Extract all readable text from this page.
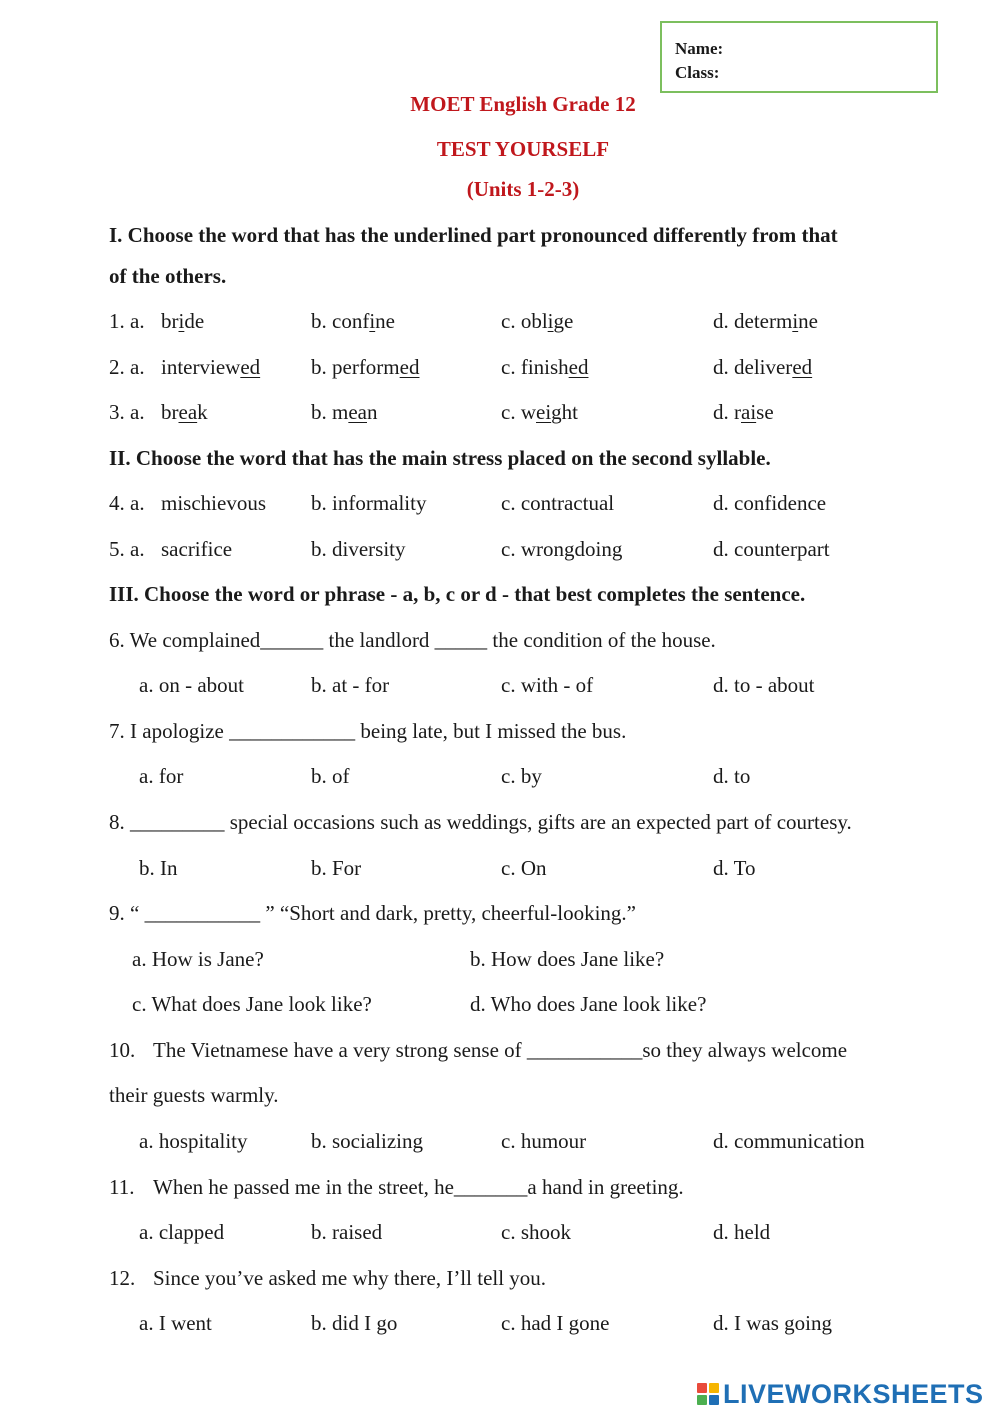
Name:
Class:
MOET English Grade 12
TEST YOURSELF
(Units 1-2-3)
I. Choose the word that has the underlined part pronounced differently from that
of the others.
1. a. bride	b. confine	c. oblige	d. determine
2. a. interviewed b. performed	c. finished	d. delivered
3. a. break	b. mean	c. weight	d. raise
II. Choose the word that has the main stress placed on the second syllable.
4. a. mischievous b. informality	c. contractual	d. confidence
5. a. sacrifice	b. diversity	c. wrongdoing	d. counterpart
III. Choose the word or phrase - a, b, c or d - that best completes the sentence.
6. We complained______ the landlord _____ the condition of the house.
a. on - about	b. at - for	c. with - of	d. to - about
7. I apologize ____________ being late, but I missed the bus.
a. for	b. of	c. by	d. to
8. _________ special occasions such as weddings, gifts are an expected part of courtesy.
b. In	b. For	c. On	d. To
9. “ ___________ ” “Short and dark, pretty, cheerful-looking.”
a. How is Jane?	b. How does Jane like?
c. What does Jane look like?	d. Who does Jane look like?
10. The Vietnamese have a very strong sense of ___________so they always welcome
their guests warmly.
a. hospitality	b. socializing	c. humour	d. communication
11. When he passed me in the street, he_______a hand in greeting.
a. clapped	b. raised	c. shook	d. held
12. Since you’ve asked me why there, I’ll tell you.
a. I went	b. did I go	c. had I gone	d. I was going
LIVEWORKSHEETS
